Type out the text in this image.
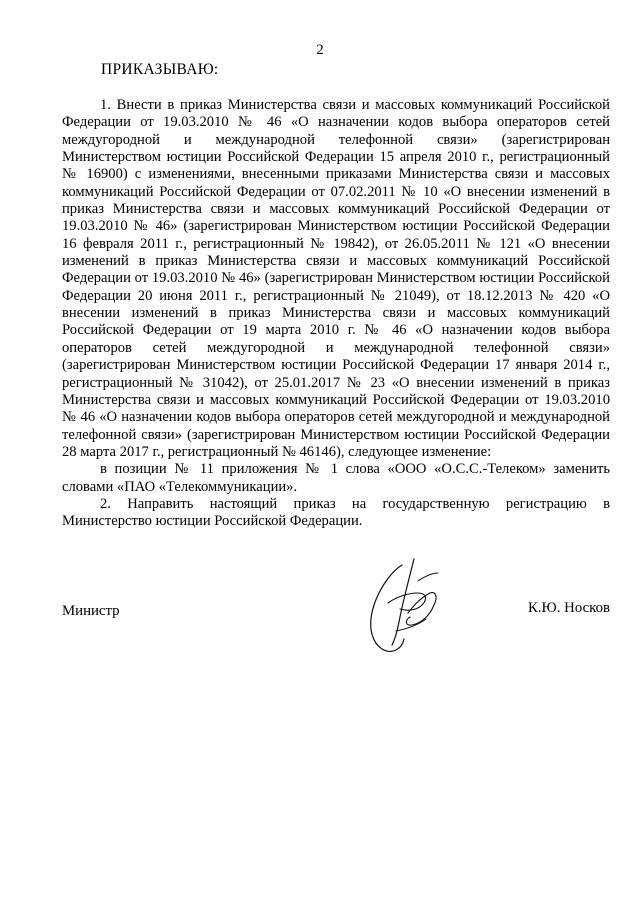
2
ПРИКАЗЫВАЮ:

1. Внести в приказ Министерства связи и массовых коммуникаций Российской Федерации от 19.03.2010 № 46 «О назначении кодов выбора операторов сетей междугородной и международной телефонной связи» (зарегистрирован Министерством юстиции Российской Федерации 15 апреля 2010 г., регистрационный № 16900) с изменениями, внесенными приказами Министерства связи и массовых коммуникаций Российской Федерации от 07.02.2011 № 10 «О внесении изменений в приказ Министерства связи и массовых коммуникаций Российской Федерации от 19.03.2010 № 46» (зарегистрирован Министерством юстиции Российской Федерации 16 февраля 2011 г., регистрационный № 19842), от 26.05.2011 № 121 «О внесении изменений в приказ Министерства связи и массовых коммуникаций Российской Федерации от 19.03.2010 № 46» (зарегистрирован Министерством юстиции Российской Федерации 20 июня 2011 г., регистрационный № 21049), от 18.12.2013 № 420 «О внесении изменений в приказ Министерства связи и массовых коммуникаций Российской Федерации от 19 марта 2010 г. № 46 «О назначении кодов выбора операторов сетей междугородной и международной телефонной связи» (зарегистрирован Министерством юстиции Российской Федерации 17 января 2014 г., регистрационный № 31042), от 25.01.2017 № 23 «О внесении изменений в приказ Министерства связи и массовых коммуникаций Российской Федерации от 19.03.2010 № 46 «О назначении кодов выбора операторов сетей междугородной и международной телефонной связи» (зарегистрирован Министерством юстиции Российской Федерации 28 марта 2017 г., регистрационный № 46146), следующее изменение:

в позиции № 11 приложения № 1 слова «ООО «О.С.С.-Телеком» заменить словами «ПАО «Телекоммуникации».

2. Направить настоящий приказ на государственную регистрацию в Министерство юстиции Российской Федерации.

Министр	К.Ю. Носков
